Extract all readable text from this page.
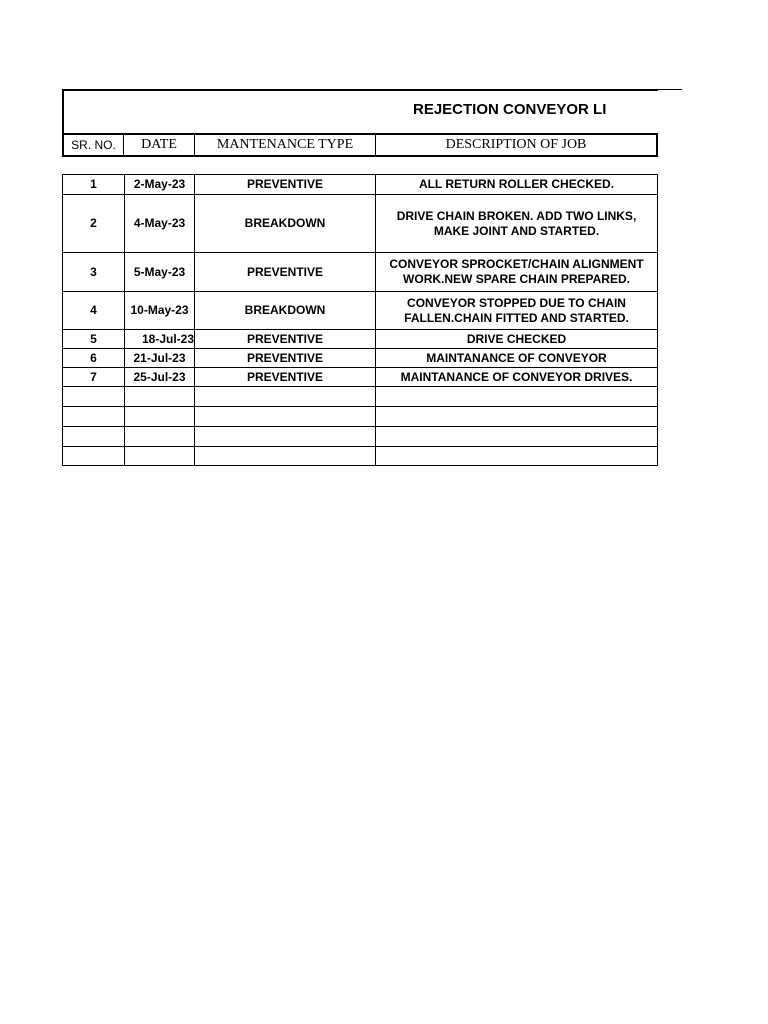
REJECTION CONVEYOR LI
SR. NO.	DATE	MANTENANCE TYPE	DESCRIPTION OF JOB
1	2-May-23	PREVENTIVE	ALL RETURN ROLLER CHECKED.
2	4-May-23	BREAKDOWN	DRIVE CHAIN BROKEN. ADD TWO LINKS, MAKE JOINT AND STARTED.
3	5-May-23	PREVENTIVE	CONVEYOR SPROCKET/CHAIN ALIGNMENT WORK.NEW SPARE CHAIN PREPARED.
4	10-May-23	BREAKDOWN	CONVEYOR STOPPED DUE TO CHAIN FALLEN.CHAIN FITTED AND STARTED.
5	18-Jul-23	PREVENTIVE	DRIVE CHECKED
6	21-Jul-23	PREVENTIVE	MAINTANANCE OF CONVEYOR
7	25-Jul-23	PREVENTIVE	MAINTANANCE OF CONVEYOR DRIVES.
